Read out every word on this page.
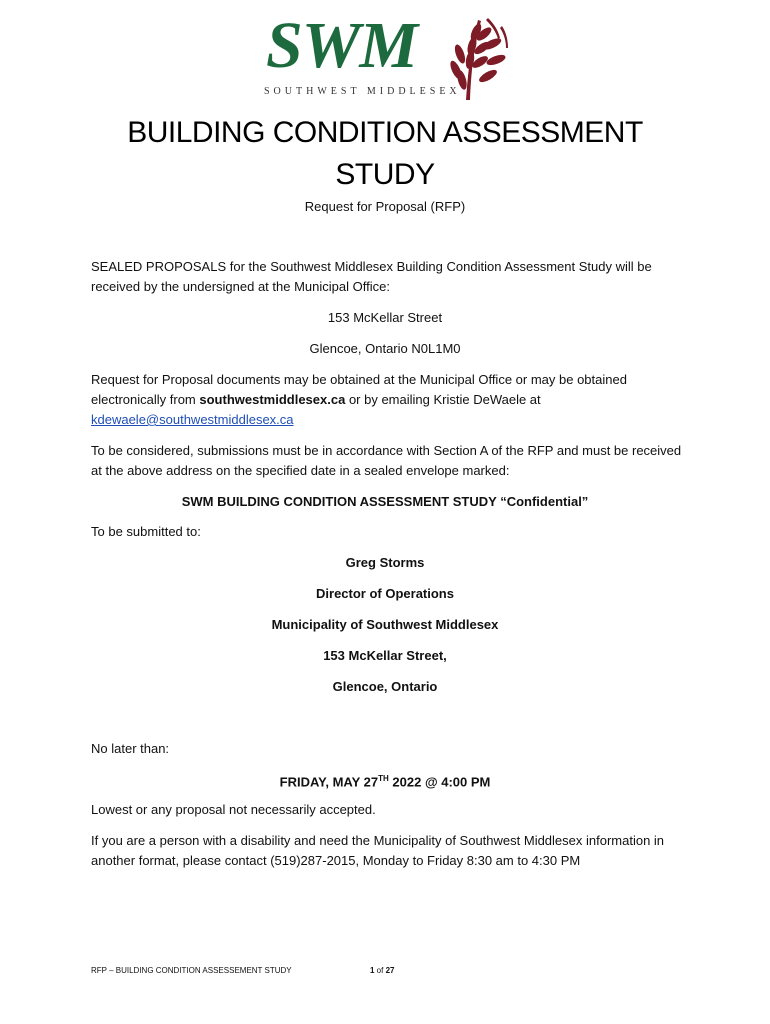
SWM
SOUTHWEST MIDDLESEX
BUILDING CONDITION ASSESSMENT
STUDY
Request for Proposal (RFP)
SEALED PROPOSALS for the Southwest Middlesex Building Condition Assessment Study will be received by the undersigned at the Municipal Office:
153 McKellar Street
Glencoe, Ontario N0L1M0
Request for Proposal documents may be obtained at the Municipal Office or may be obtained electronically from southwestmiddlesex.ca or by emailing Kristie DeWaele at kdewaele@southwestmiddlesex.ca
To be considered, submissions must be in accordance with Section A of the RFP and must be received at the above address on the specified date in a sealed envelope marked:
SWM BUILDING CONDITION ASSESSMENT STUDY “Confidential”
To be submitted to:
Greg Storms
Director of Operations
Municipality of Southwest Middlesex
153 McKellar Street,
Glencoe, Ontario
No later than:
FRIDAY, MAY 27TH 2022 @ 4:00 PM
Lowest or any proposal not necessarily accepted.
If you are a person with a disability and need the Municipality of Southwest Middlesex information in another format, please contact (519)287-2015, Monday to Friday 8:30 am to 4:30 PM
RFP – BUILDING CONDITION ASSESSEMENT STUDY	1 of 27
